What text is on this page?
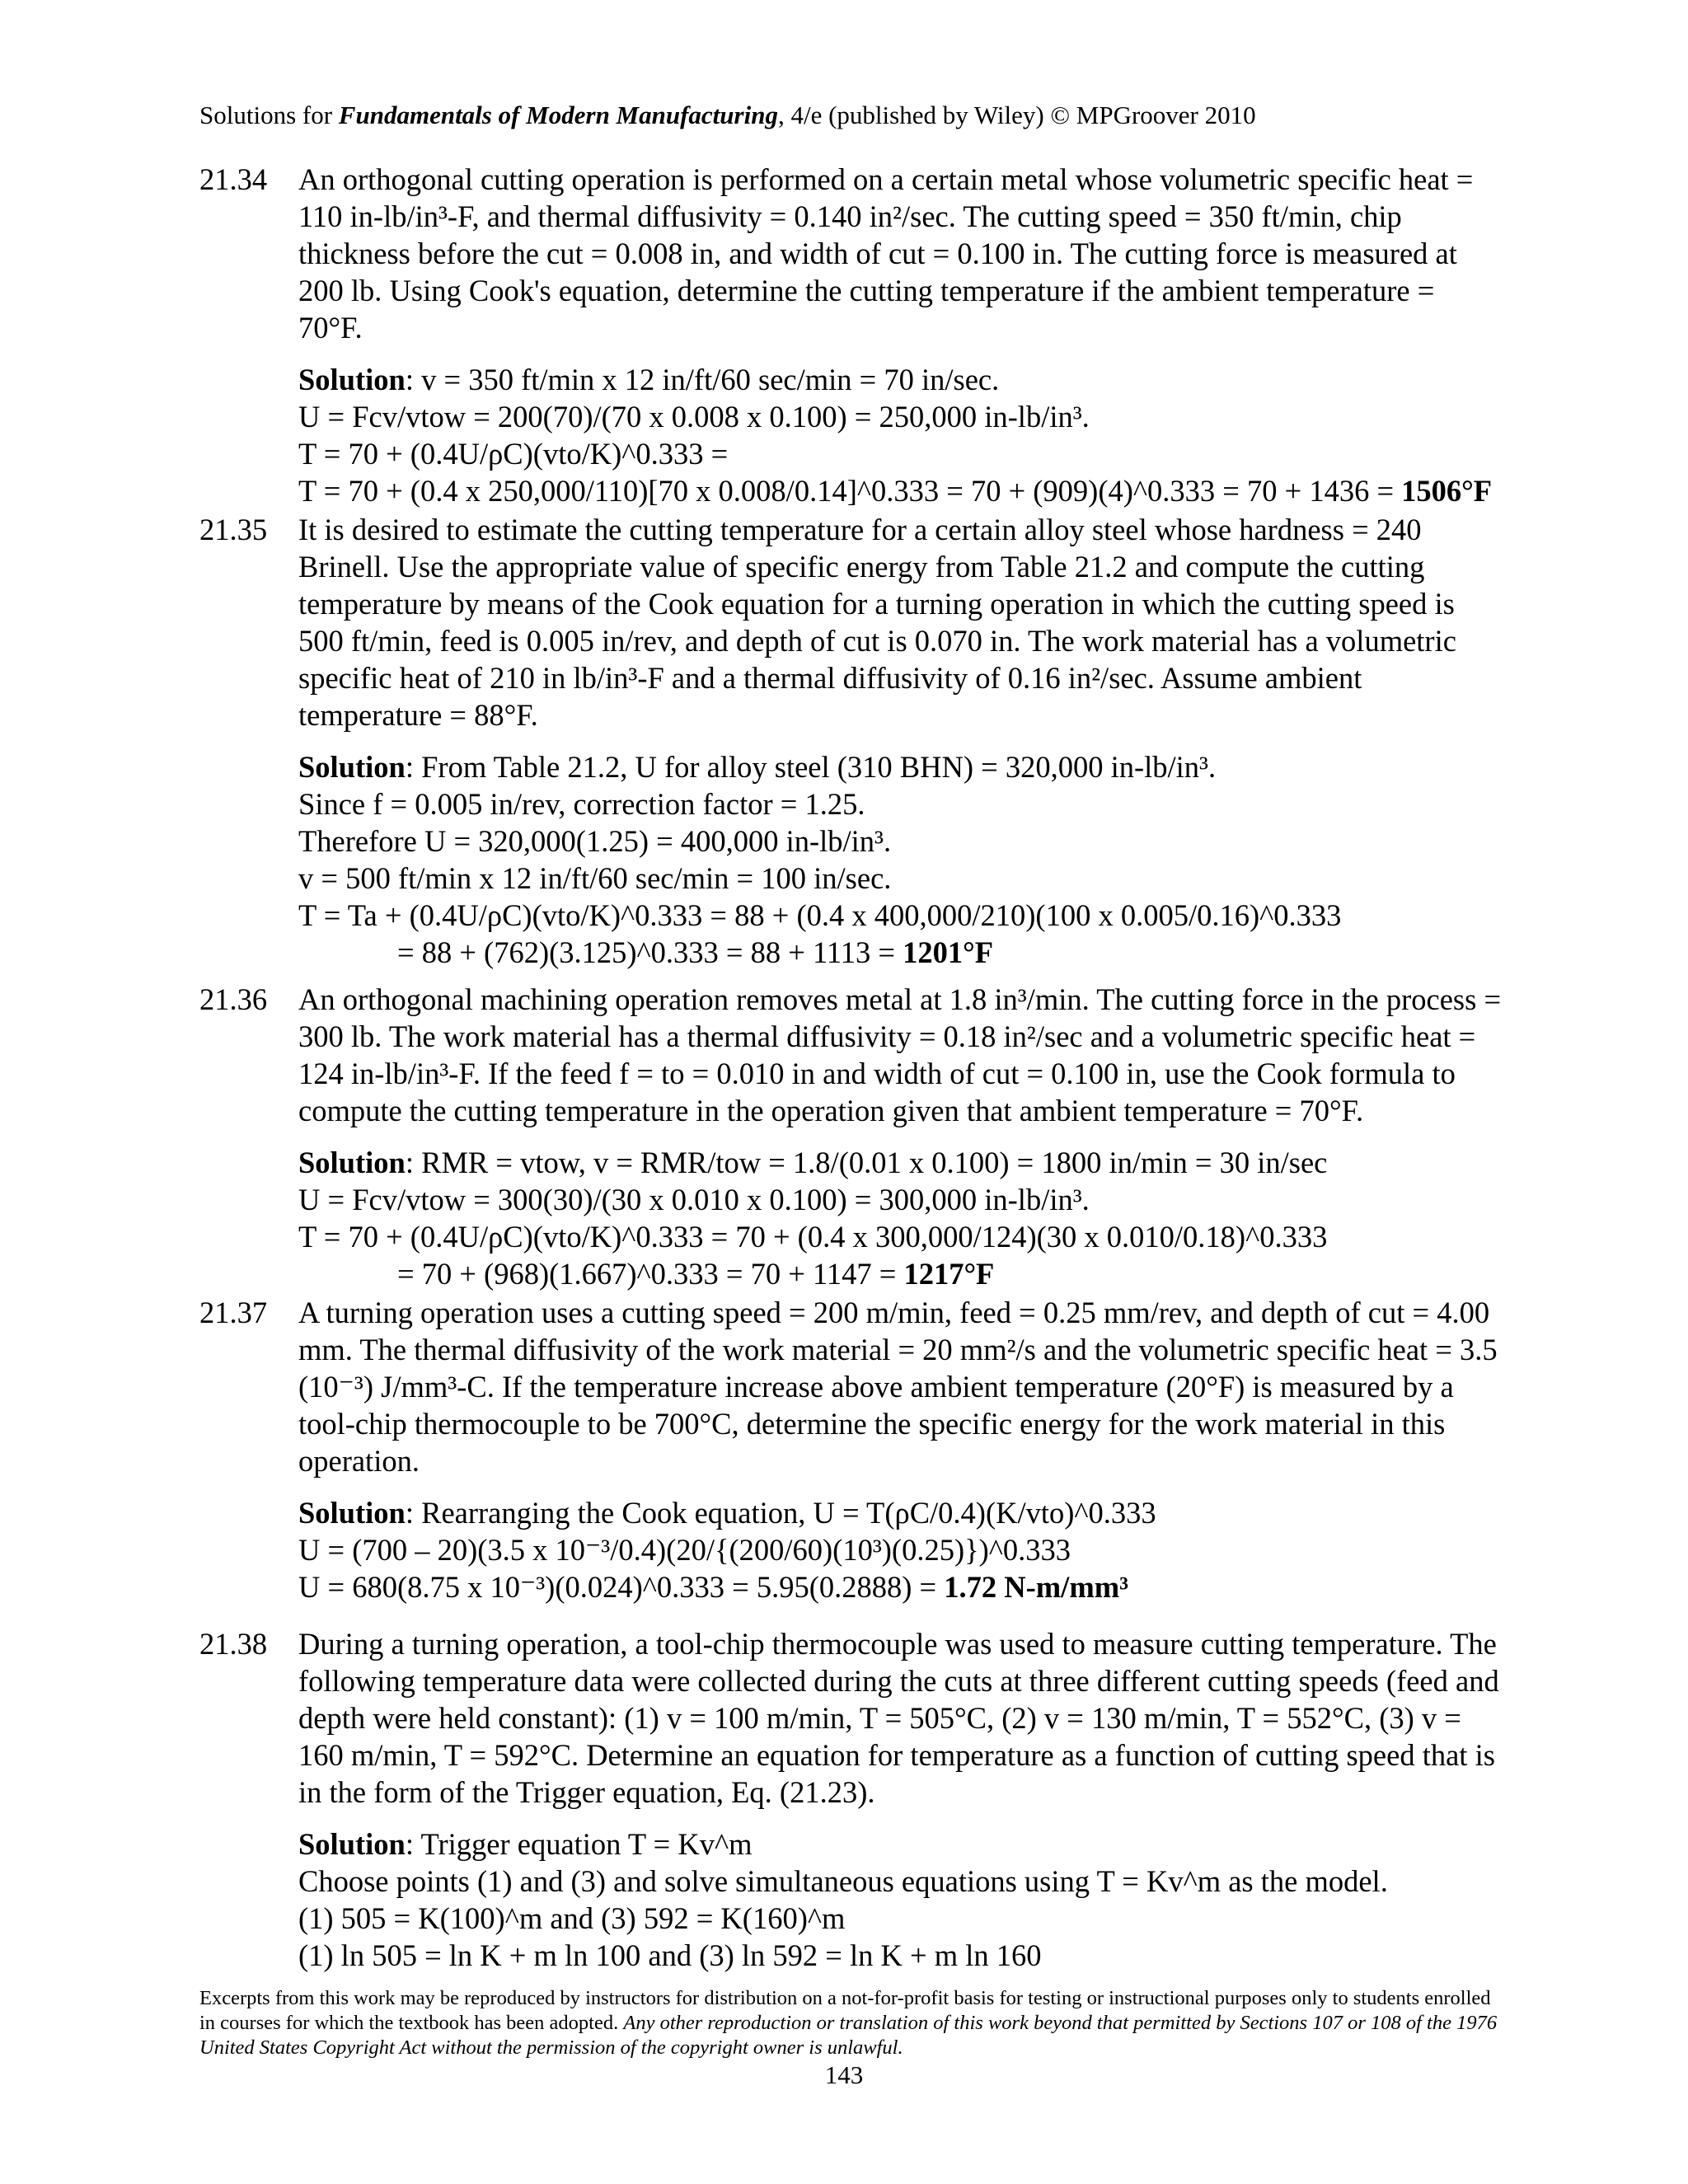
Solutions for Fundamentals of Modern Manufacturing, 4/e (published by Wiley) © MPGroover 2010
21.34 An orthogonal cutting operation is performed on a certain metal whose volumetric specific heat =
110 in-lb/in³-F, and thermal diffusivity = 0.140 in²/sec. The cutting speed = 350 ft/min, chip
thickness before the cut = 0.008 in, and width of cut = 0.100 in. The cutting force is measured at
200 lb. Using Cook's equation, determine the cutting temperature if the ambient temperature =
70°F.
Solution: v = 350 ft/min x 12 in/ft/60 sec/min = 70 in/sec.
U = Fcv/vtow = 200(70)/(70 x 0.008 x 0.100) = 250,000 in-lb/in³.
T = 70 + (0.4U/ρC)(vto/K)^0.333 =
T = 70 + (0.4 x 250,000/110)[70 x 0.008/0.14]^0.333 = 70 + (909)(4)^0.333 = 70 + 1436 = 1506°F
21.35 It is desired to estimate the cutting temperature for a certain alloy steel whose hardness = 240
Brinell. Use the appropriate value of specific energy from Table 21.2 and compute the cutting
temperature by means of the Cook equation for a turning operation in which the cutting speed is
500 ft/min, feed is 0.005 in/rev, and depth of cut is 0.070 in. The work material has a volumetric
specific heat of 210 in lb/in³-F and a thermal diffusivity of 0.16 in²/sec. Assume ambient
temperature = 88°F.
Solution: From Table 21.2, U for alloy steel (310 BHN) = 320,000 in-lb/in³.
Since f = 0.005 in/rev, correction factor = 1.25.
Therefore U = 320,000(1.25) = 400,000 in-lb/in³.
v = 500 ft/min x 12 in/ft/60 sec/min = 100 in/sec.
T = Ta + (0.4U/ρC)(vto/K)^0.333 = 88 + (0.4 x 400,000/210)(100 x 0.005/0.16)^0.333
= 88 + (762)(3.125)^0.333 = 88 + 1113 = 1201°F
21.36 An orthogonal machining operation removes metal at 1.8 in³/min. The cutting force in the process =
300 lb. The work material has a thermal diffusivity = 0.18 in²/sec and a volumetric specific heat =
124 in-lb/in³-F. If the feed f = to = 0.010 in and width of cut = 0.100 in, use the Cook formula to
compute the cutting temperature in the operation given that ambient temperature = 70°F.
Solution: RMR = vtow, v = RMR/tow = 1.8/(0.01 x 0.100) = 1800 in/min = 30 in/sec
U = Fcv/vtow = 300(30)/(30 x 0.010 x 0.100) = 300,000 in-lb/in³.
T = 70 + (0.4U/ρC)(vto/K)^0.333 = 70 + (0.4 x 300,000/124)(30 x 0.010/0.18)^0.333
= 70 + (968)(1.667)^0.333 = 70 + 1147 = 1217°F
21.37 A turning operation uses a cutting speed = 200 m/min, feed = 0.25 mm/rev, and depth of cut = 4.00
mm. The thermal diffusivity of the work material = 20 mm²/s and the volumetric specific heat = 3.5
(10⁻³) J/mm³-C. If the temperature increase above ambient temperature (20°F) is measured by a
tool-chip thermocouple to be 700°C, determine the specific energy for the work material in this
operation.
Solution: Rearranging the Cook equation, U = T(ρC/0.4)(K/vto)^0.333
U = (700 – 20)(3.5 x 10⁻³/0.4)(20/{(200/60)(10³)(0.25)})^0.333
U = 680(8.75 x 10⁻³)(0.024)^0.333 = 5.95(0.2888) = 1.72 N-m/mm³
21.38 During a turning operation, a tool-chip thermocouple was used to measure cutting temperature. The
following temperature data were collected during the cuts at three different cutting speeds (feed and
depth were held constant): (1) v = 100 m/min, T = 505°C, (2) v = 130 m/min, T = 552°C, (3) v =
160 m/min, T = 592°C. Determine an equation for temperature as a function of cutting speed that is
in the form of the Trigger equation, Eq. (21.23).
Solution: Trigger equation T = Kv^m
Choose points (1) and (3) and solve simultaneous equations using T = Kv^m as the model.
(1) 505 = K(100)^m and (3) 592 = K(160)^m
(1) ln 505 = ln K + m ln 100 and (3) ln 592 = ln K + m ln 160
Excerpts from this work may be reproduced by instructors for distribution on a not-for-profit basis for testing or instructional purposes only to students enrolled in courses for which the textbook has been adopted. Any other reproduction or translation of this work beyond that permitted by Sections 107 or 108 of the 1976 United States Copyright Act without the permission of the copyright owner is unlawful.
143
